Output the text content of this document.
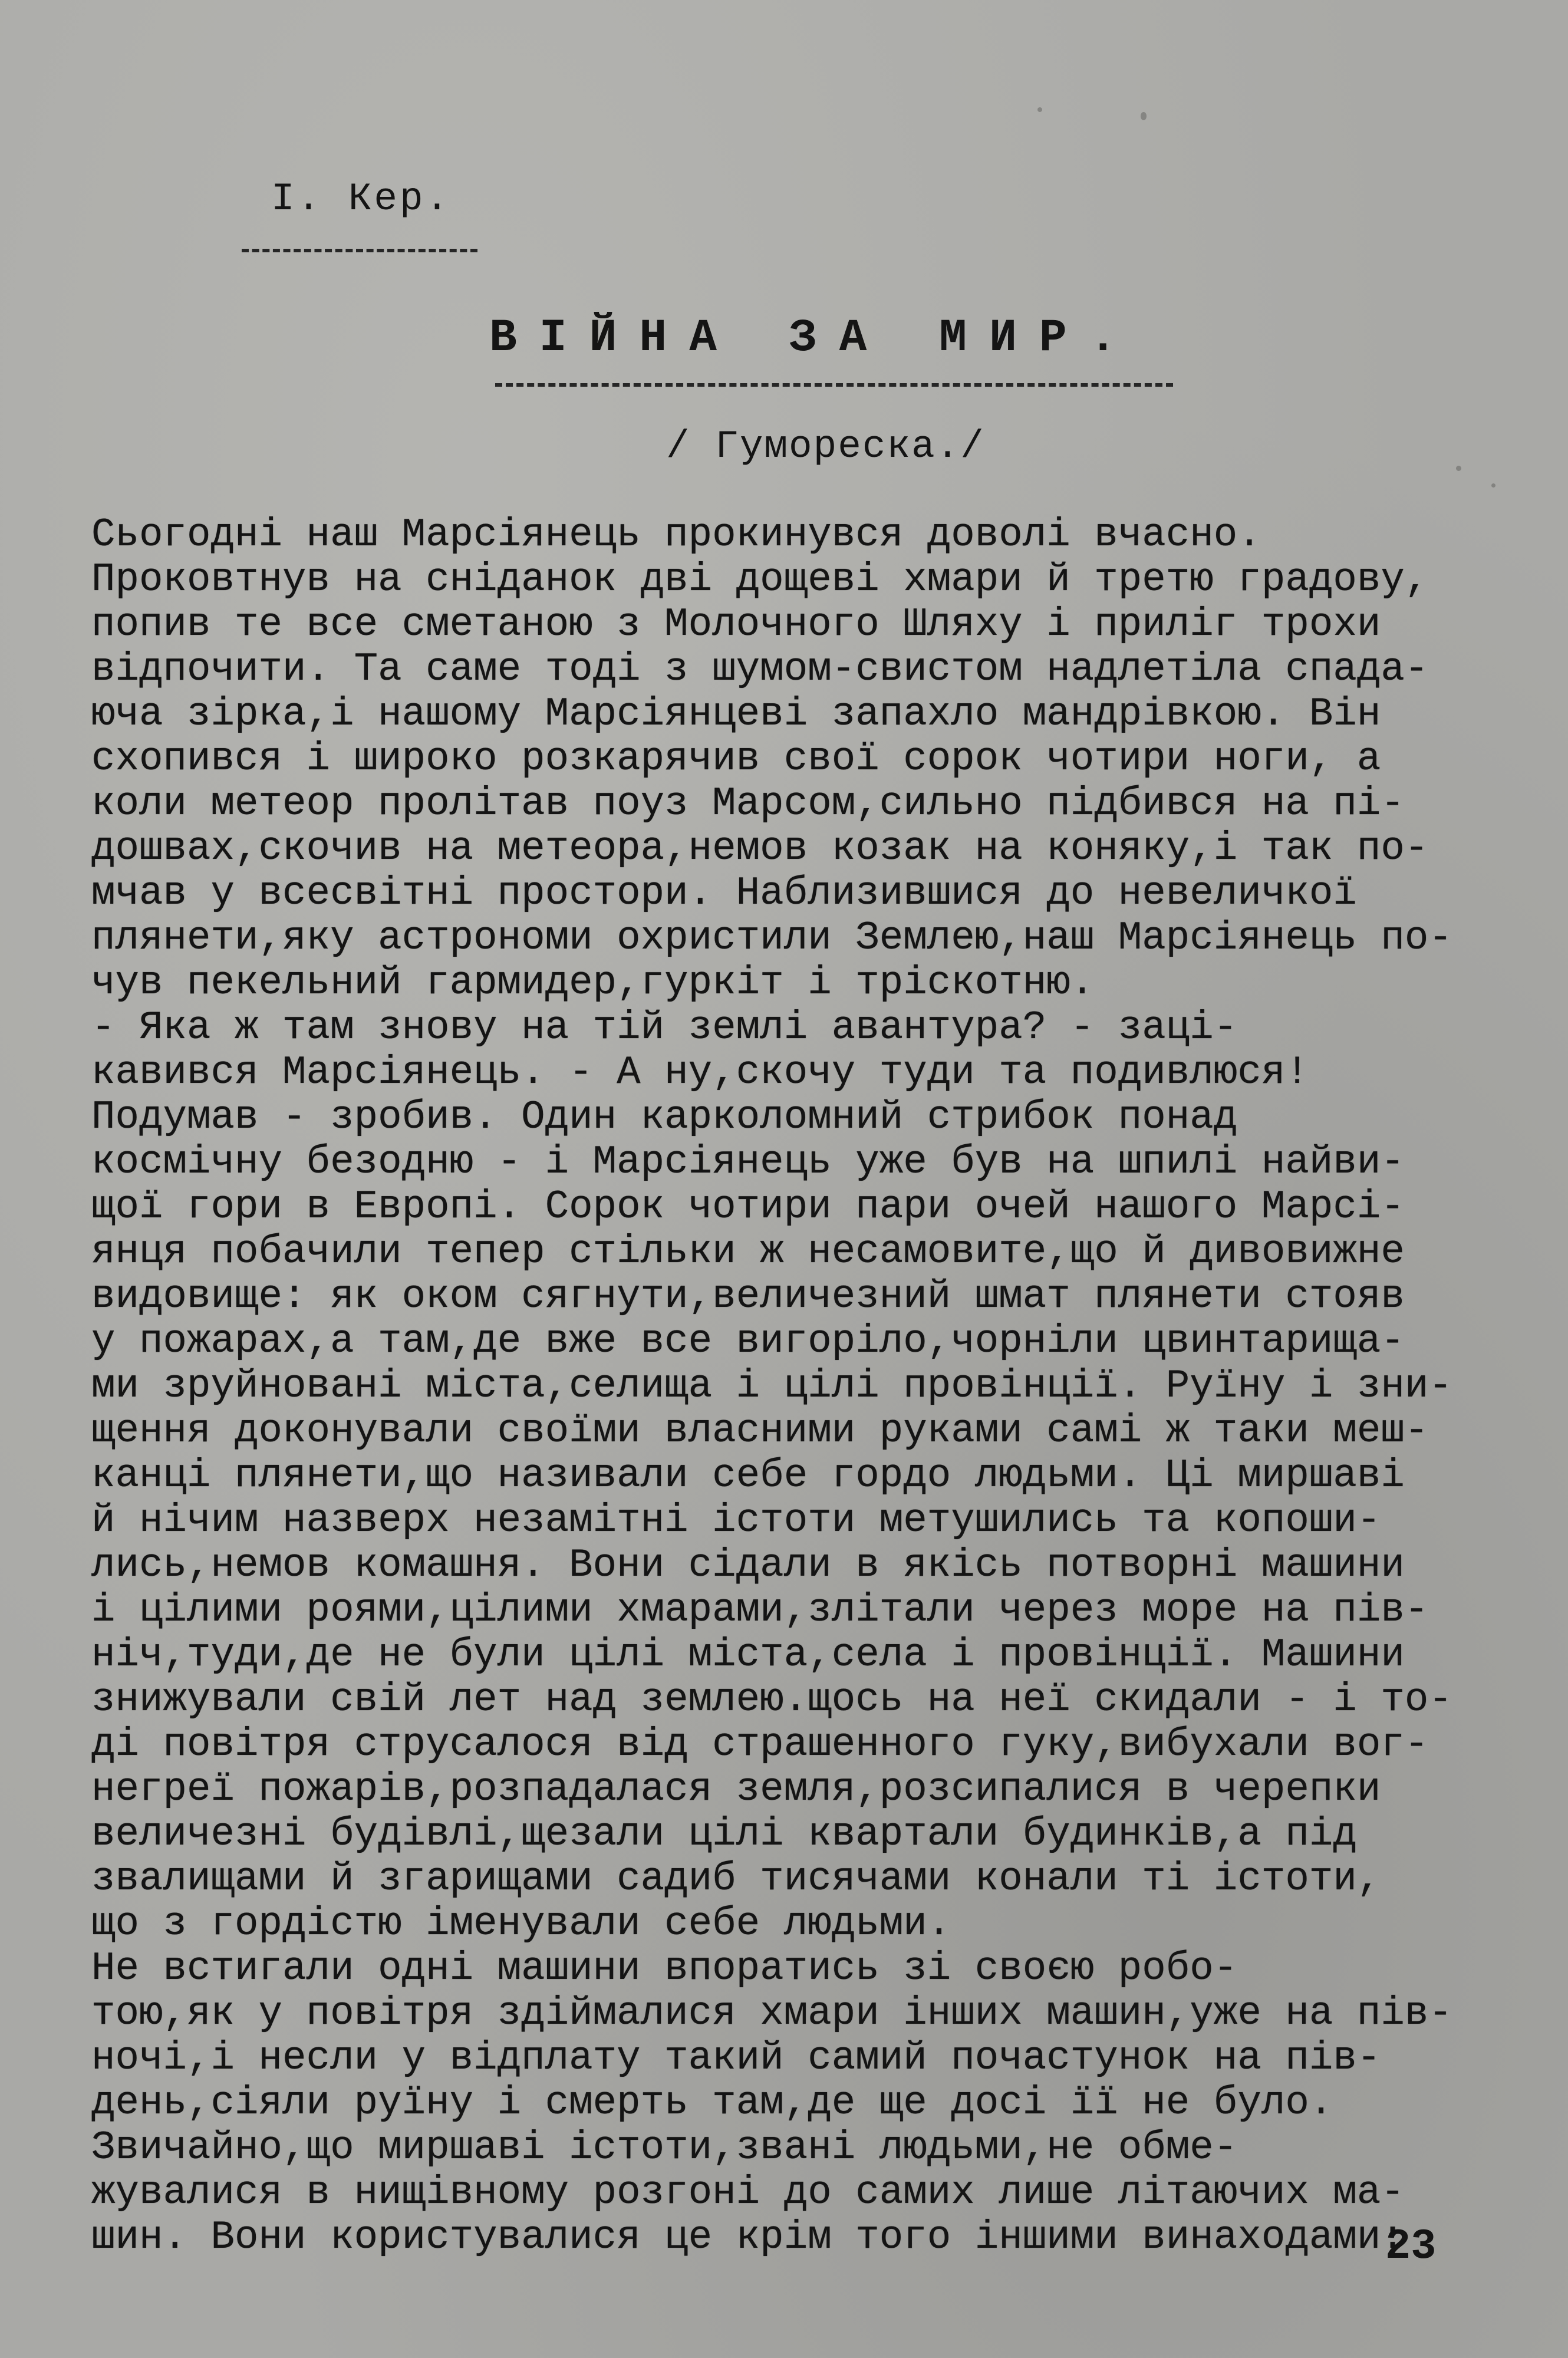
І. Кер.
ВІЙНА ЗА МИР.
/ Гумореска./
Сьогодні наш Марсіянець прокинувся доволі вчасно.
Проковтнув на сніданок дві дощеві хмари й третю градову,
попив те все сметаною з Молочного Шляху і приліг трохи
відпочити. Та саме тоді з шумом-свистом надлетіла спада-
юча зірка,і нашому Марсіянцеві запахло мандрівкою. Він
схопився і широко розкарячив свої сорок чотири ноги, а
коли метеор пролітав поуз Марсом,сильно підбився на пі-
дошвах,скочив на метеора,немов козак на коняку,і так по-
мчав у всесвітні простори. Наблизившися до невеличкої
плянети,яку астрономи охристили Землею,наш Марсіянець по-
чув пекельний гармидер,гуркіт і тріскотню.
- Яка ж там знову на тій землі авантура? - заці-
кавився Марсіянець. - А ну,скочу туди та подивлюся!
Подумав - зробив. Один карколомний стрибок понад
космічну безодню - і Марсіянець уже був на шпилі найви-
щої гори в Европі. Сорок чотири пари очей нашого Марсі-
янця побачили тепер стільки ж несамовите,що й дивовижне
видовище: як оком сягнути,величезний шмат плянети стояв
у пожарах,а там,де вже все вигоріло,чорніли цвинтарища-
ми зруйновані міста,селища і цілі провінції. Руїну і зни-
щення доконували своїми власними руками самі ж таки меш-
канці плянети,що називали себе гордо людьми. Ці миршаві
й нічим назверх незамітні істоти метушились та копоши-
лись,немов комашня. Вони сідали в якісь потворні машини
і цілими роями,цілими хмарами,злітали через море на пів-
ніч,туди,де не були цілі міста,села і провінції. Машини
знижували свій лет над землею.щось на неї скидали - і то-
ді повітря струсалося від страшенного гуку,вибухали вог-
негреї пожарів,розпадалася земля,розсипалися в черепки
величезні будівлі,щезали цілі квартали будинків,а під
звалищами й згарищами садиб тисячами конали ті істоти,
що з гордістю іменували себе людьми.
Не встигали одні машини впоратись зі своєю робо-
тою,як у повітря здіймалися хмари інших машин,уже на пів-
ночі,і несли у відплату такий самий почастунок на пів-
день,сіяли руїну і смерть там,де ще досі її не було.
Звичайно,що миршаві істоти,звані людьми,не обме-
жувалися в нищівному розгоні до самих лише літаючих ма-
шин. Вони користувалися це крім того іншими винаходами:
23
